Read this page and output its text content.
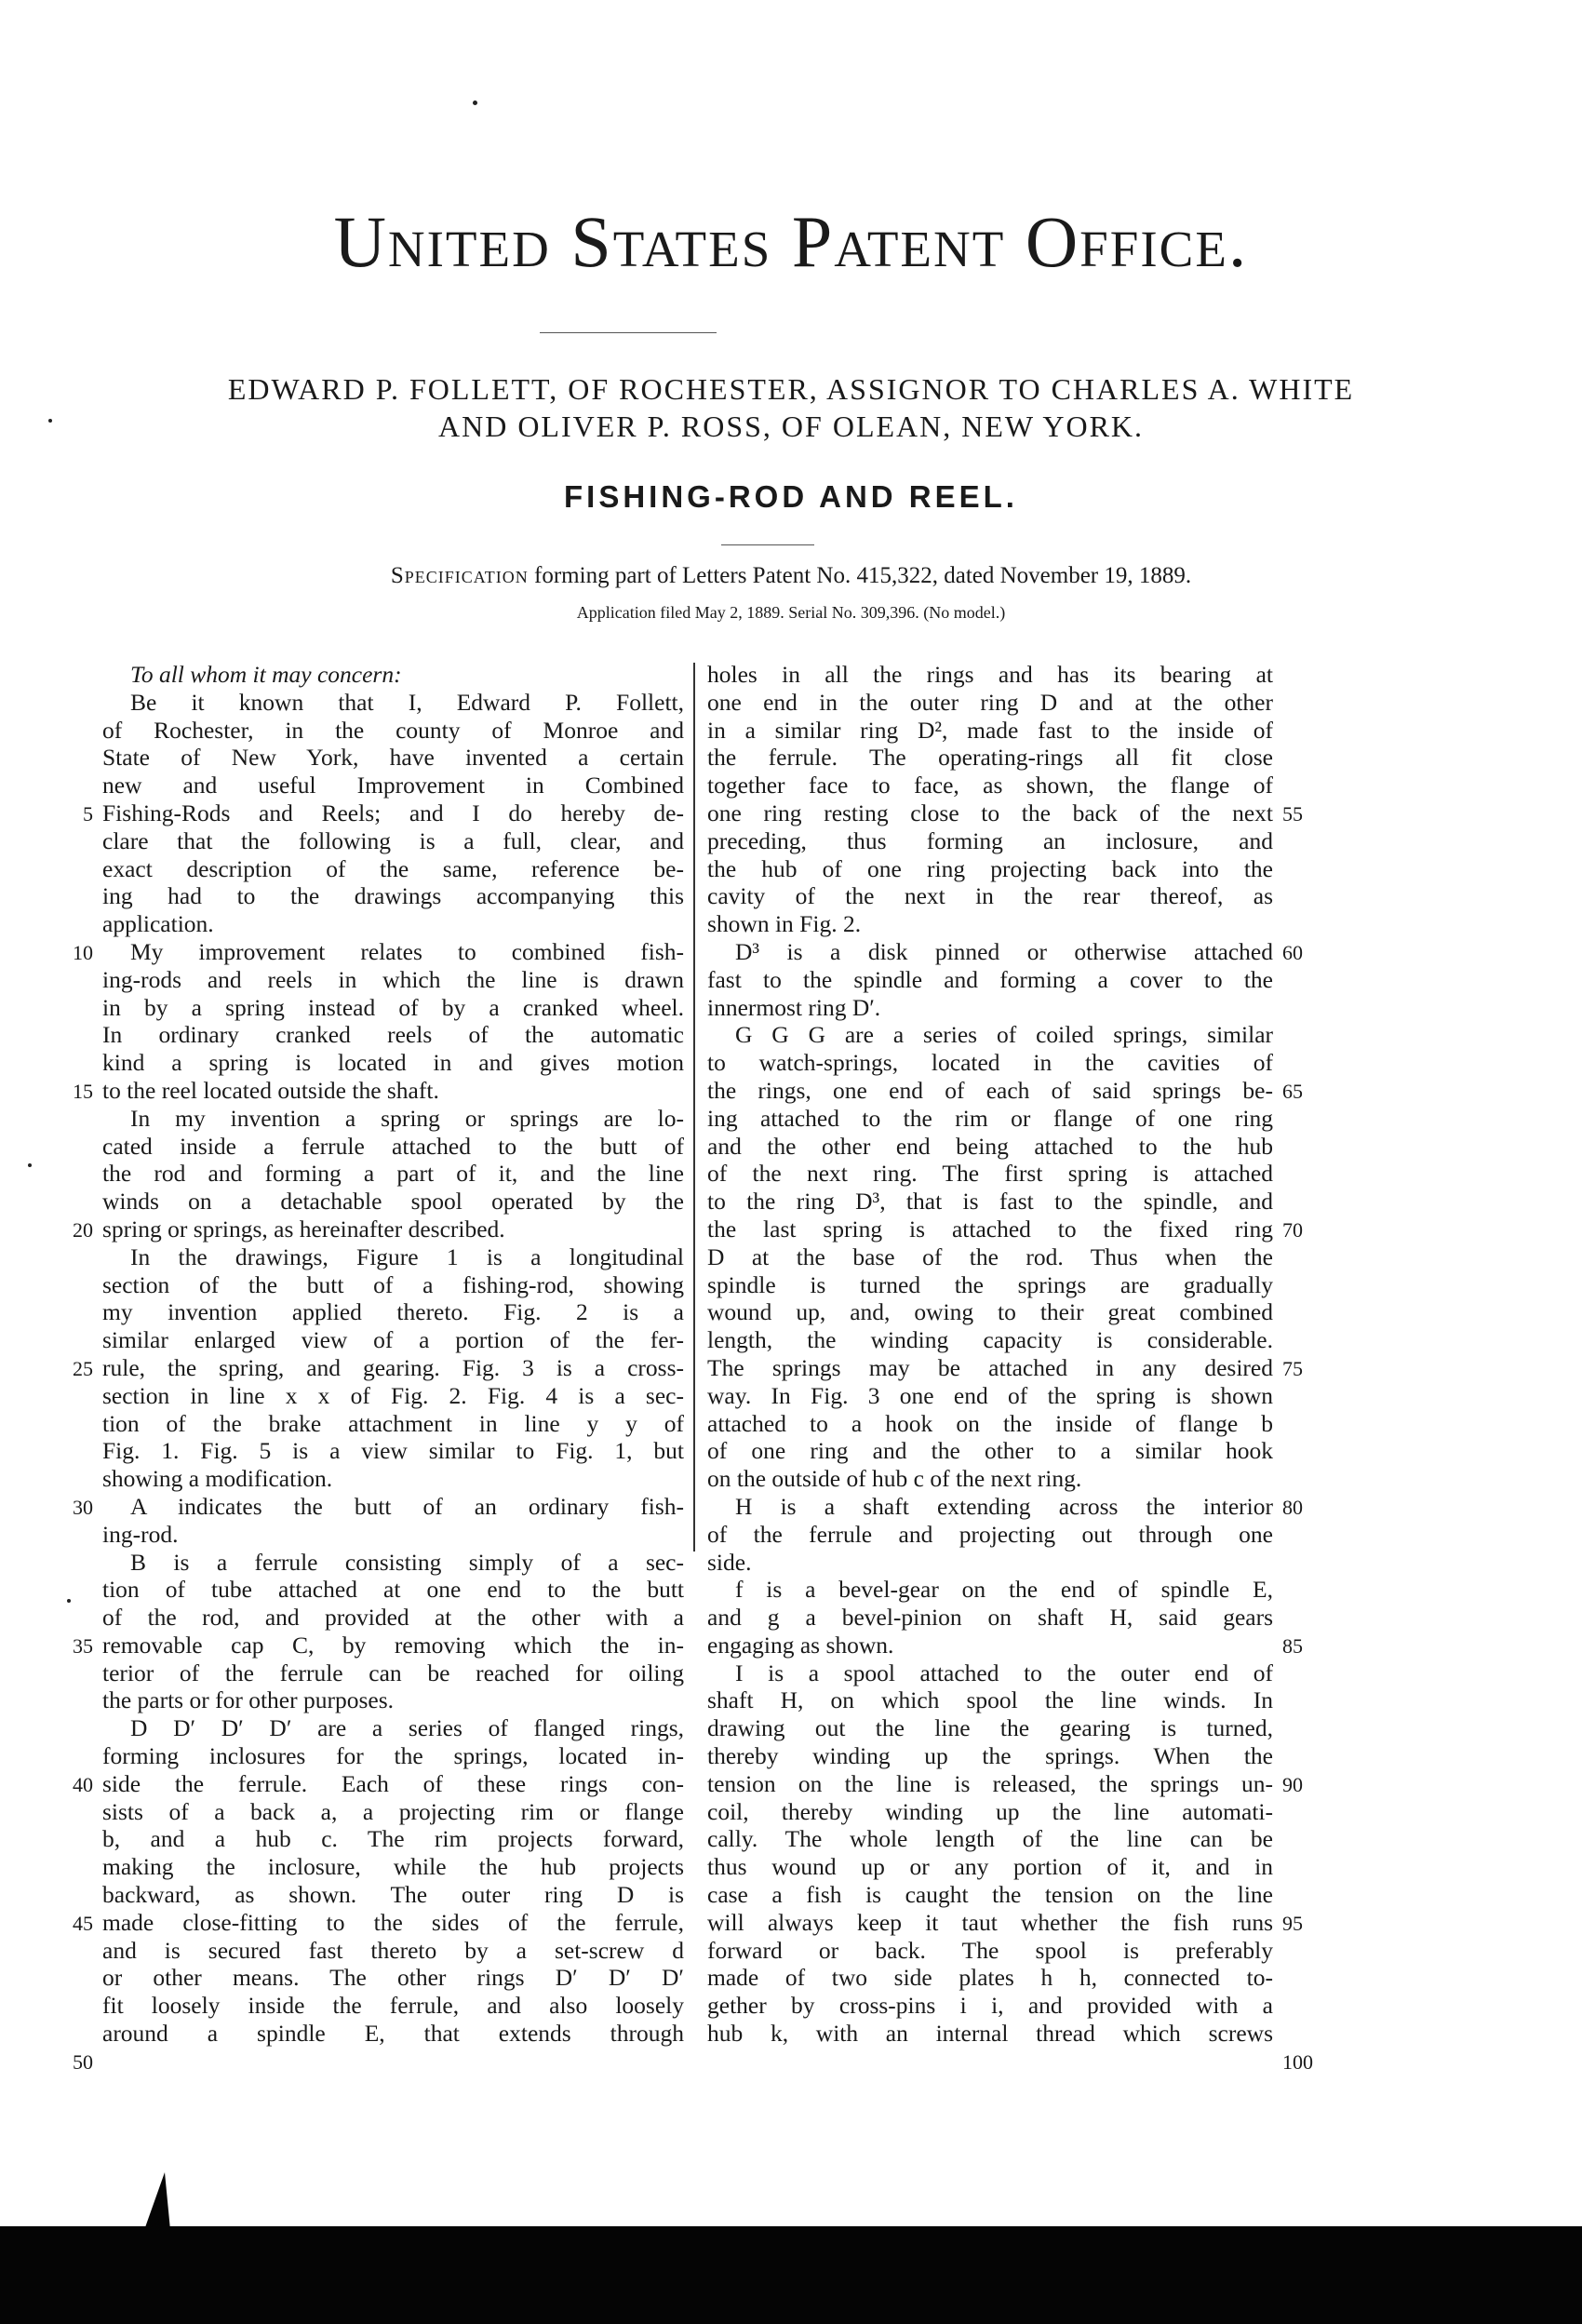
United States Patent Office.
EDWARD P. FOLLETT, OF ROCHESTER, ASSIGNOR TO CHARLES A. WHITE
AND OLIVER P. ROSS, OF OLEAN, NEW YORK.
FISHING-ROD AND REEL.
Specification forming part of Letters Patent No. 415,322, dated November 19, 1889.
Application filed May 2, 1889. Serial No. 309,396. (No model.)
To all whom it may concern:
Be it known that I, Edward P. Follett,
of Rochester, in the county of Monroe and
State of New York, have invented a certain
new and useful Improvement in Combined
Fishing-Rods and Reels; and I do hereby de-
clare that the following is a full, clear, and
exact description of the same, reference be-
ing had to the drawings accompanying this
application.
My improvement relates to combined fish-
ing-rods and reels in which the line is drawn
in by a spring instead of by a cranked wheel.
In ordinary cranked reels of the automatic
kind a spring is located in and gives motion
to the reel located outside the shaft.
In my invention a spring or springs are lo-
cated inside a ferrule attached to the butt of
the rod and forming a part of it, and the line
winds on a detachable spool operated by the
spring or springs, as hereinafter described.
In the drawings, Figure 1 is a longitudinal
section of the butt of a fishing-rod, showing
my invention applied thereto. Fig. 2 is a
similar enlarged view of a portion of the fer-
rule, the spring, and gearing. Fig. 3 is a cross-
section in line x x of Fig. 2. Fig. 4 is a sec-
tion of the brake attachment in line y y of
Fig. 1. Fig. 5 is a view similar to Fig. 1, but
showing a modification.
A indicates the butt of an ordinary fish-
ing-rod.
B is a ferrule consisting simply of a sec-
tion of tube attached at one end to the butt
of the rod, and provided at the other with a
removable cap C, by removing which the in-
terior of the ferrule can be reached for oiling
the parts or for other purposes.
D D′ D′ D′ are a series of flanged rings,
forming inclosures for the springs, located in-
side the ferrule. Each of these rings con-
sists of a back a, a projecting rim or flange
b, and a hub c. The rim projects forward,
making the inclosure, while the hub projects
backward, as shown. The outer ring D is
made close-fitting to the sides of the ferrule,
and is secured fast thereto by a set-screw d
or other means. The other rings D′ D′ D′
fit loosely inside the ferrule, and also loosely
around a spindle E, that extends through
holes in all the rings and has its bearing at
one end in the outer ring D and at the other
in a similar ring D², made fast to the inside of
the ferrule. The operating-rings all fit close
together face to face, as shown, the flange of
one ring resting close to the back of the next
preceding, thus forming an inclosure, and
the hub of one ring projecting back into the
cavity of the next in the rear thereof, as
shown in Fig. 2.
D³ is a disk pinned or otherwise attached
fast to the spindle and forming a cover to the
innermost ring D′.
G G G are a series of coiled springs, similar
to watch-springs, located in the cavities of
the rings, one end of each of said springs be-
ing attached to the rim or flange of one ring
and the other end being attached to the hub
of the next ring. The first spring is attached
to the ring D³, that is fast to the spindle, and
the last spring is attached to the fixed ring
D at the base of the rod. Thus when the
spindle is turned the springs are gradually
wound up, and, owing to their great combined
length, the winding capacity is considerable.
The springs may be attached in any desired
way. In Fig. 3 one end of the spring is shown
attached to a hook on the inside of flange b
of one ring and the other to a similar hook
on the outside of hub c of the next ring.
H is a shaft extending across the interior
of the ferrule and projecting out through one
side.
f is a bevel-gear on the end of spindle E,
and g a bevel-pinion on shaft H, said gears
engaging as shown.
I is a spool attached to the outer end of
shaft H, on which spool the line winds. In
drawing out the line the gearing is turned,
thereby winding up the springs. When the
tension on the line is released, the springs un-
coil, thereby winding up the line automati-
cally. The whole length of the line can be
thus wound up or any portion of it, and in
case a fish is caught the tension on the line
will always keep it taut whether the fish runs
forward or back. The spool is preferably
made of two side plates h h, connected to-
gether by cross-pins i i, and provided with a
hub k, with an internal thread which screws
5
10
15
20
25
30
35
40
45
50
55
60
65
70
75
80
85
90
95
100
